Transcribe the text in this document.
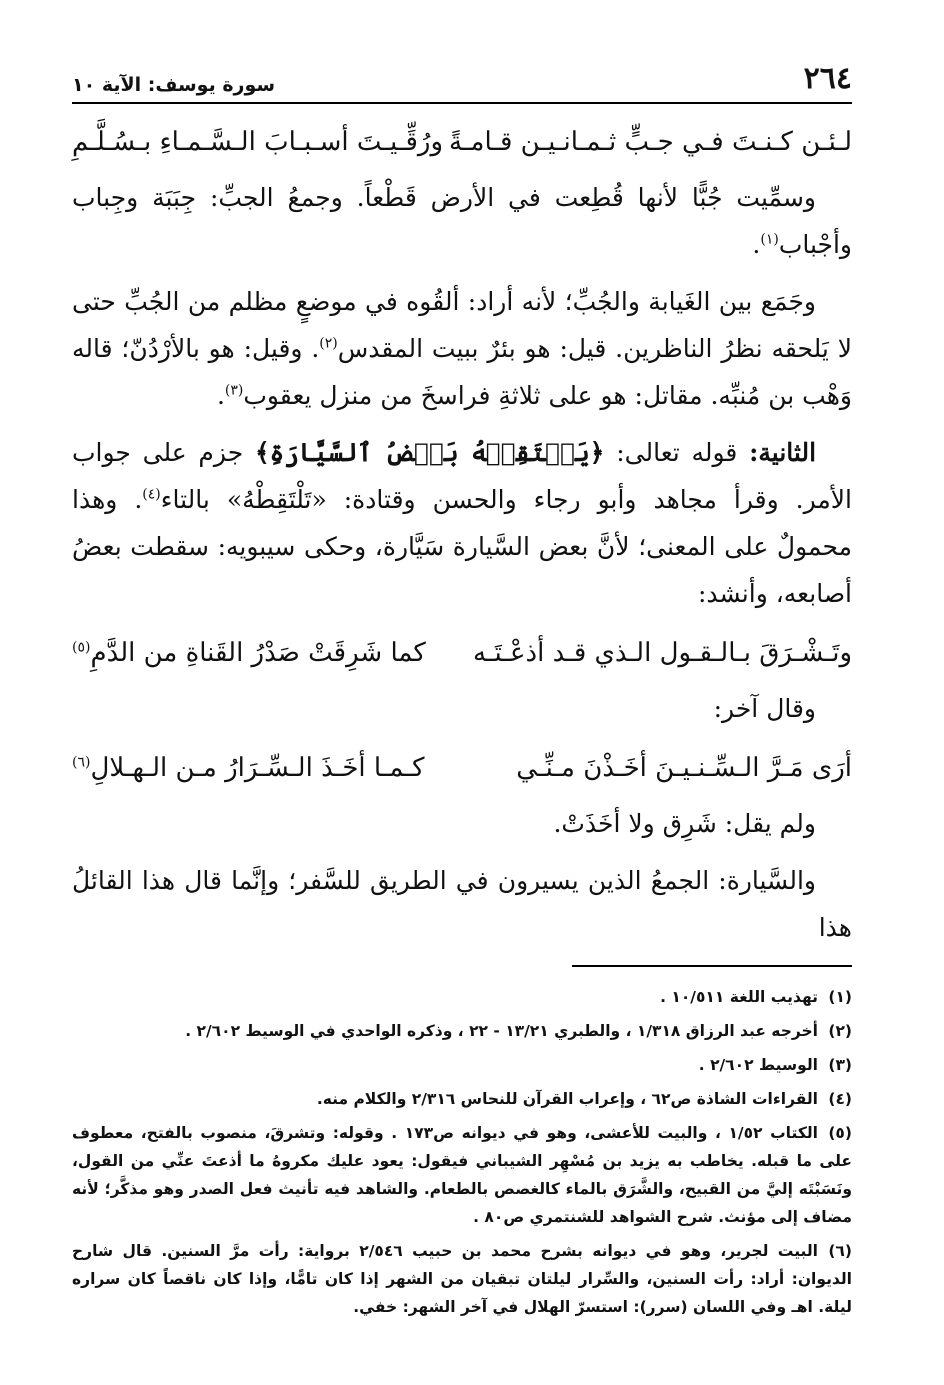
٢٦٤
سورة يوسف: الآية ١٠
لـئـن كـنـتَ فـي جـبٍّ ثـمـانـيـن قـامـةً
ورُقِّـيـتَ أسـبـابَ الـسَّـمـاءِ بـسُـلَّـمِ

وسمِّيت جُبًّا لأنها قُطِعت في الأرض قَطْعاً. وجمعُ الجبِّ: جِبَبَة وجِباب وأجْباب$^{(١)}$.

وجَمَع بين الغَيابة والجُبِّ؛ لأنه أراد: ألقُوه في موضعٍ مظلم من الجُبِّ حتى لا يَلحقه نظرُ الناظرين. قيل: هو بئرٌ ببيت المقدس$^{(٢)}$. وقيل: هو بالأرْدُنّ؛ قاله وَهْب بن مُنبِّه. مقاتل: هو على ثلاثةِ فراسخَ من منزل يعقوب$^{(٣)}$.

الثانية: قوله تعالى: ﴿يَلۡتَقِطۡهُ بَعۡضُ ٱلسَّيَّارَةِ﴾ جزم على جواب الأمر. وقرأ مجاهد وأبو رجاء والحسن وقتادة: «تَلْتَقِطْهُ» بالتاء$^{(٤)}$. وهذا محمولٌ على المعنى؛ لأنَّ بعض السَّيارة سَيَّارة، وحكى سيبويه: سقطت بعضُ أصابعه، وأنشد:

وتَـشْـرَقَ بـالـقـول الـذي قـد أذعْـتَـه
كما شَرِقَتْ صَدْرُ القَناةِ من الدَّمِ$^{(٥)}$

وقال آخر:

أرَى مَـرَّ الـسِّـنـيـنَ أخَـذْنَ مـنِّـي
كـمـا أخَـذَ الـسِّـرَارُ مـن الـهـلالِ$^{(٦)}$

ولم يقل: شَرِق ولا أخَذَتْ.

والسَّيارة: الجمعُ الذين يسيرون في الطريق للسَّفر؛ وإنَّما قال هذا القائلُ هذا

(١)تهذيب اللغة ١٠/٥١١ .

(٢)أخرجه عبد الرزاق ١/٣١٨ ، والطبري ١٣/٢١ - ٢٢ ، وذكره الواحدي في الوسيط ٢/٦٠٢ .

(٣)الوسيط ٢/٦٠٢ .

(٤)القراءات الشاذة ص٦٢ ، وإعراب القرآن للنحاس ٢/٣١٦ والكلام منه.

(٥)الكتاب ١/٥٢ ، والبيت للأعشى، وهو في ديوانه ص١٧٣ . وقوله: وتشرقَ، منصوب بالفتح، معطوف على ما قبله. يخاطب به يزيد بن مُسْهِر الشيباني فيقول: يعود عليك مكروهُ ما أذعتَ عنِّي من القول، ونَسَبْتَه إليَّ من القبيح، والشَّرَق بالماء كالغصص بالطعام. والشاهد فيه تأنيث فعل الصدر وهو مذكَّر؛ لأنه مضاف إلى مؤنث. شرح الشواهد للشنتمري ص٨٠ .

(٦)البيت لجرير، وهو في ديوانه بشرح محمد بن حبيب ٢/٥٤٦ برواية: رأت مرَّ السنين. قال شارح الديوان: أراد: رأت السنين، والسِّرار ليلتان تبقيان من الشهر إذا كان تامًّا، وإذا كان ناقصاً كان سراره ليلة. اهـ وفي اللسان (سرر): استسرّ الهلال في آخر الشهر: خفي.
